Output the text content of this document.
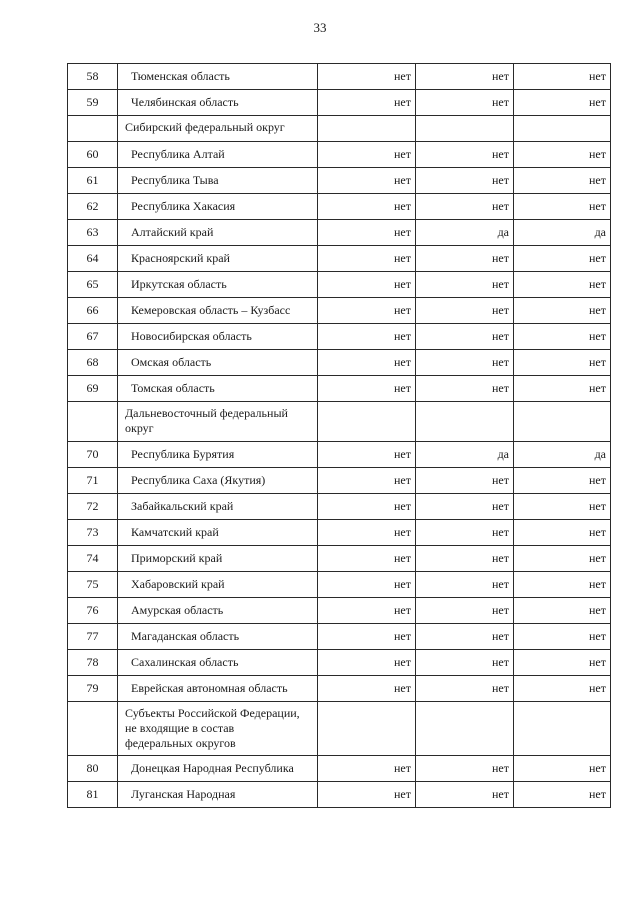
33
58	Тюменская область	нет	нет	нет
59	Челябинская область	нет	нет	нет

	Сибирский федеральный округ			

60	Республика Алтай	нет	нет	нет
61	Республика Тыва	нет	нет	нет
62	Республика Хакасия	нет	нет	нет
63	Алтайский край	нет	да	да
64	Красноярский край	нет	нет	нет
65	Иркутская область	нет	нет	нет
66	Кемеровская область – Кузбасс	нет	нет	нет
67	Новосибирская область	нет	нет	нет
68	Омская область	нет	нет	нет
69	Томская область	нет	нет	нет

	Дальневосточный федеральный
округ			

70	Республика Бурятия	нет	да	да
71	Республика Саха (Якутия)	нет	нет	нет
72	Забайкальский край	нет	нет	нет
73	Камчатский край	нет	нет	нет
74	Приморский край	нет	нет	нет
75	Хабаровский край	нет	нет	нет
76	Амурская область	нет	нет	нет
77	Магаданская область	нет	нет	нет
78	Сахалинская область	нет	нет	нет
79	Еврейская автономная область	нет	нет	нет

	Субъекты Российской Федерации,
не входящие в состав
федеральных округов			

80	Донецкая Народная Республика	нет	нет	нет
81	Луганская Народная	нет	нет	нет
